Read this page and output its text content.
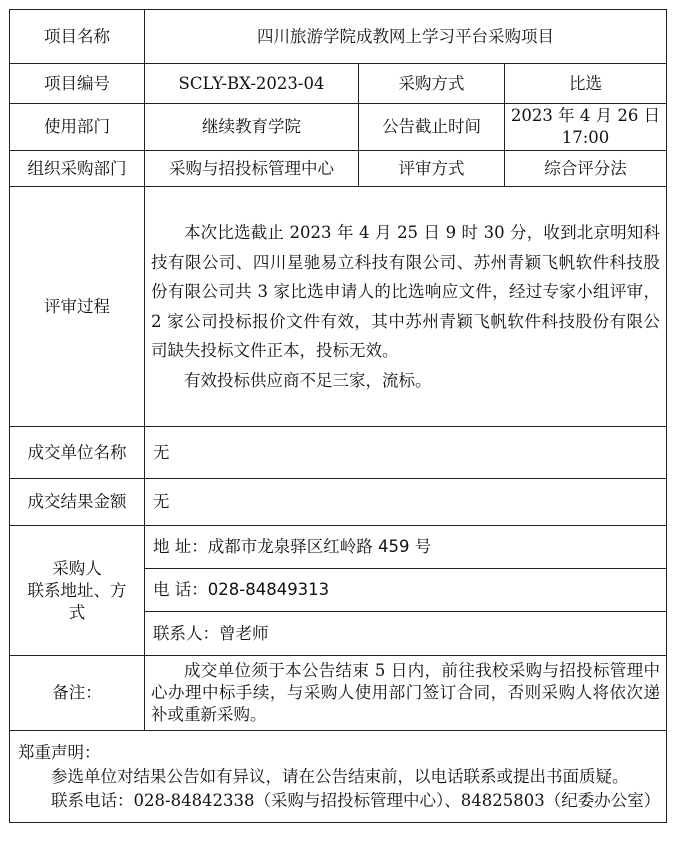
项目名称	四川旅游学院成教网上学习平台采购项目		
项目编号	SCLY-BX-2023-04	采购方式	比选
使用部门	继续教育学院	公告截止时间	2023 年 4 月 26 日
17:00

组织采购部门	采购与招投标管理中心	评审方式	综合评分法
评审过程	本次比选截止 2023 年 4 月 25 日 9 时 30 分，收到北京明知科技有限公司、四川星驰易立科技有限公司、苏州青颖飞帆软件科技股份有限公司共 3 家比选申请人的比选响应文件，经过专家小组评审，2 家公司投标报价文件有效，其中苏州青颖飞帆软件科技股份有限公司缺失投标文件正本，投标无效。

有效投标供应商不足三家，流标。		

成交单位名称	无		
成交结果金额	无		

采购人
联系地址、方
式	地 址：成都市龙泉驿区红岭路 459 号		
	电 话：028-84849313		
	联系人：曾老师		
备注：	成交单位须于本公告结束 5 日内，前往我校采购与招投标管理中心办理中标手续，与采购人使用部门签订合同，否则采购人将依次递补或重新采购。		

郑重声明：
参选单位对结果公告如有异议，请在公告结束前，以电话联系或提出书面质疑。
联系电话：028-84842338（采购与招投标管理中心）、84825803（纪委办公室）			
